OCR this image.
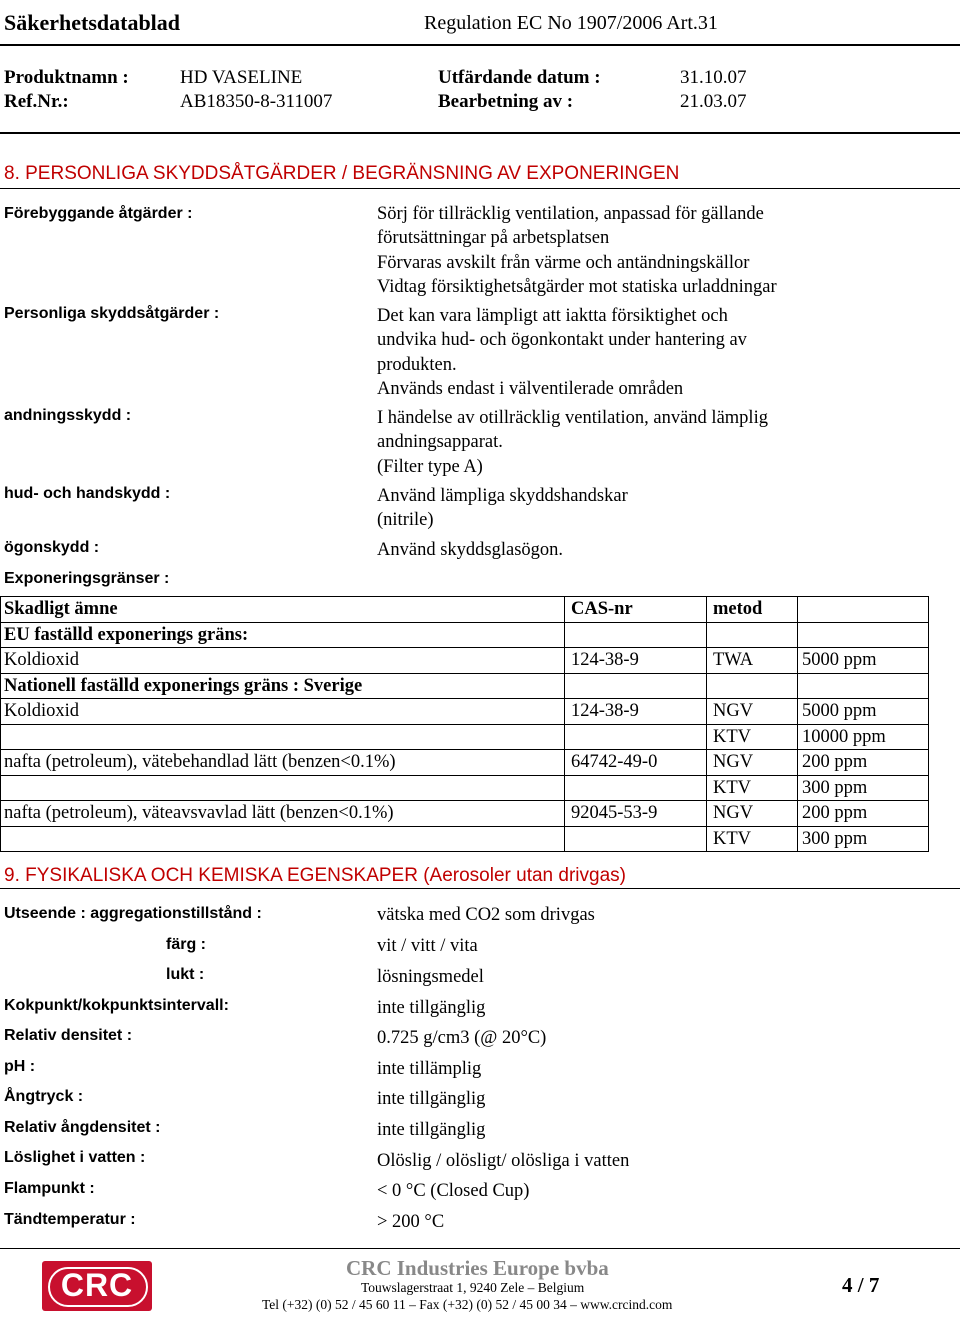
Säkerhetsdatablad	Regulation EC No 1907/2006 Art.31
Produktnamn :	HD VASELINE	Utfärdande datum :	31.10.07
Ref.Nr.:	AB18350-8-311007	Bearbetning av :	21.03.07
8. PERSONLIGA SKYDDSÅTGÄRDER / BEGRÄNSNING AV EXPONERINGEN
Förebyggande åtgärder :	Sörj för tillräcklig ventilation, anpassad för gällande
förutsättningar på arbetsplatsen
Förvaras avskilt från värme och antändningskällor
Vidtag försiktighetsåtgärder mot statiska urladdningar
Personliga skyddsåtgärder :	Det kan vara lämpligt att iaktta försiktighet och
undvika hud- och ögonkontakt under hantering av
produkten.
Används endast i välventilerade områden
andningsskydd :	I händelse av otillräcklig ventilation, använd lämplig
andningsapparat.
(Filter type A)
hud- och handskydd :	Använd lämpliga skyddshandskar
(nitrile)
ögonskydd :	Använd skyddsglasögon.
Exponeringsgränser :
Skadligt ämne	CAS-nr	metod	
EU faställd exponerings gräns:			
Koldioxid	124-38-9	TWA	5000 ppm
Nationell faställd exponerings gräns : Sverige			
Koldioxid	124-38-9	NGV	5000 ppm
		KTV	10000 ppm
nafta (petroleum), vätebehandlad lätt (benzen<0.1%)	64742-49-0	NGV	200 ppm
		KTV	300 ppm
nafta (petroleum), väteavsvavlad lätt (benzen<0.1%)	92045-53-9	NGV	200 ppm
		KTV	300 ppm
9. FYSIKALISKA OCH KEMISKA EGENSKAPER (Aerosoler utan drivgas)
Utseende : aggregationstillstånd :	vätska med CO2 som drivgas
färg :	vit / vitt / vita
lukt :	lösningsmedel
Kokpunkt/kokpunktsintervall:	inte tillgänglig
Relativ densitet :	0.725 g/cm3 (@ 20°C)
pH :	inte tillämplig
Ångtryck :	inte tillgänglig
Relativ ångdensitet :	inte tillgänglig
Löslighet i vatten :	Olöslig / olösligt/ olösliga i vatten
Flampunkt :	< 0 °C (Closed Cup)
Tändtemperatur :	> 200 °C
CRC	CRC Industries Europe bvba
Touwslagerstraat 1, 9240 Zele – Belgium
Tel (+32) (0) 52 / 45 60 11 – Fax (+32) (0) 52 / 45 00 34 – www.crcind.com
4 / 7
